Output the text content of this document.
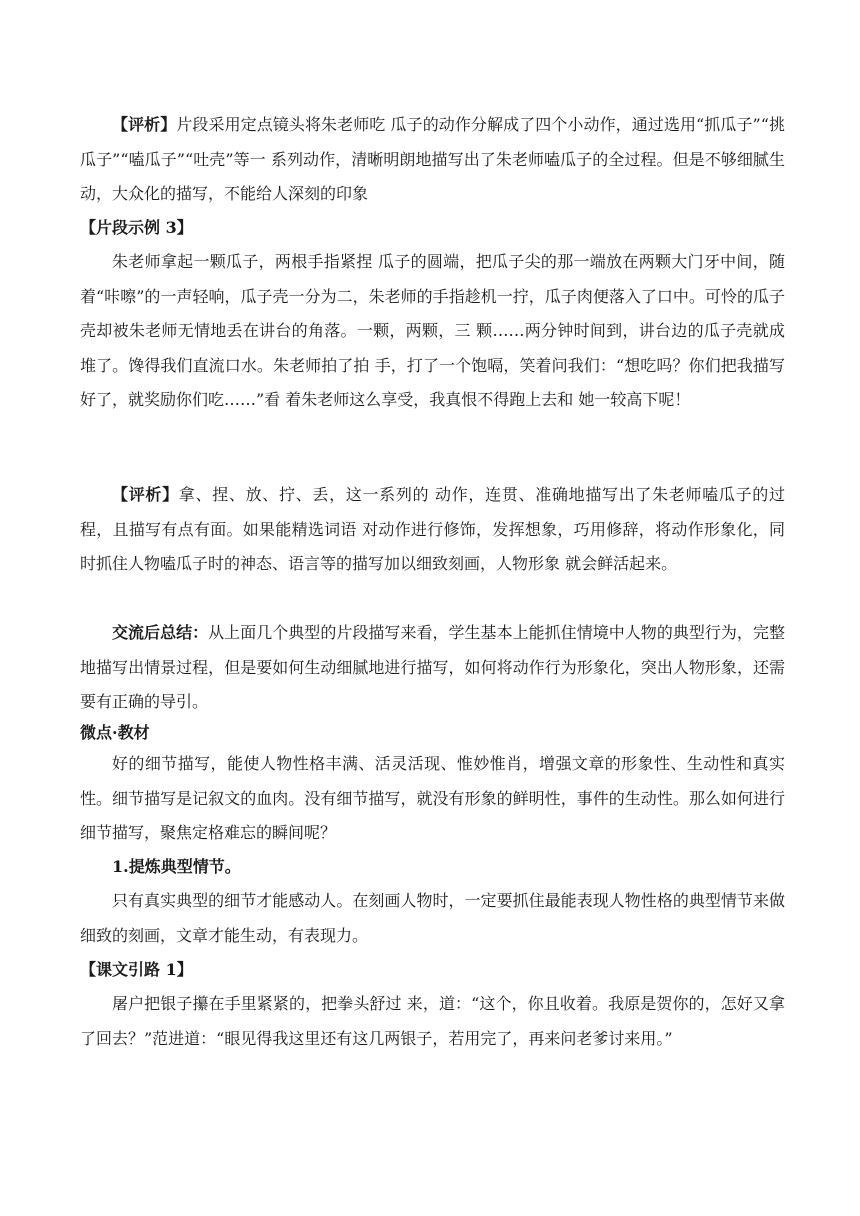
【评析】片段采用定点镜头将朱老师吃 瓜子的动作分解成了四个小动作，通过选用“抓瓜子”“挑瓜子”“嗑瓜子”“吐壳”等一 系列动作，清晰明朗地描写出了朱老师嗑瓜子的全过程。但是不够细腻生动，大众化的描写，不能给人深刻的印象
【片段示例 3】
朱老师拿起一颗瓜子，两根手指紧捏 瓜子的圆端，把瓜子尖的那一端放在两颗大门牙中间，随着“咔嚓”的一声轻响，瓜子壳一分为二，朱老师的手指趁机一拧，瓜子肉便落入了口中。可怜的瓜子壳却被朱老师无情地丢在讲台的角落。一颗，两颗，三 颗……两分钟时间到，讲台边的瓜子壳就成堆了。馋得我们直流口水。朱老师拍了拍 手，打了一个饱嗝，笑着问我们：“想吃吗？你们把我描写好了，就奖励你们吃……”看 着朱老师这么享受，我真恨不得跑上去和 她一较高下呢！
【评析】拿、捏、放、拧、丢，这一系列的 动作，连贯、准确地描写出了朱老师嗑瓜子的过程，且描写有点有面。如果能精选词语 对动作进行修饰，发挥想象，巧用修辞，将动作形象化，同时抓住人物嗑瓜子时的神态、语言等的描写加以细致刻画，人物形象 就会鲜活起来。
交流后总结：从上面几个典型的片段描写来看，学生基本上能抓住情境中人物的典型行为，完整地描写出情景过程，但是要如何生动细腻地进行描写，如何将动作行为形象化，突出人物形象，还需要有正确的导引。
微点·教材
好的细节描写，能使人物性格丰满、活灵活现、惟妙惟肖，增强文章的形象性、生动性和真实性。细节描写是记叙文的血肉。没有细节描写，就没有形象的鲜明性，事件的生动性。那么如何进行细节描写，聚焦定格难忘的瞬间呢？
1.提炼典型情节。
只有真实典型的细节才能感动人。在刻画人物时，一定要抓住最能表现人物性格的典型情节来做细致的刻画，文章才能生动，有表现力。
【课文引路 1】
屠户把银子攥在手里紧紧的，把拳头舒过 来，道：“这个，你且收着。我原是贺你的，怎好又拿了回去？”范进道：“眼见得我这里还有这几两银子，若用完了，再来问老爹讨来用。”
